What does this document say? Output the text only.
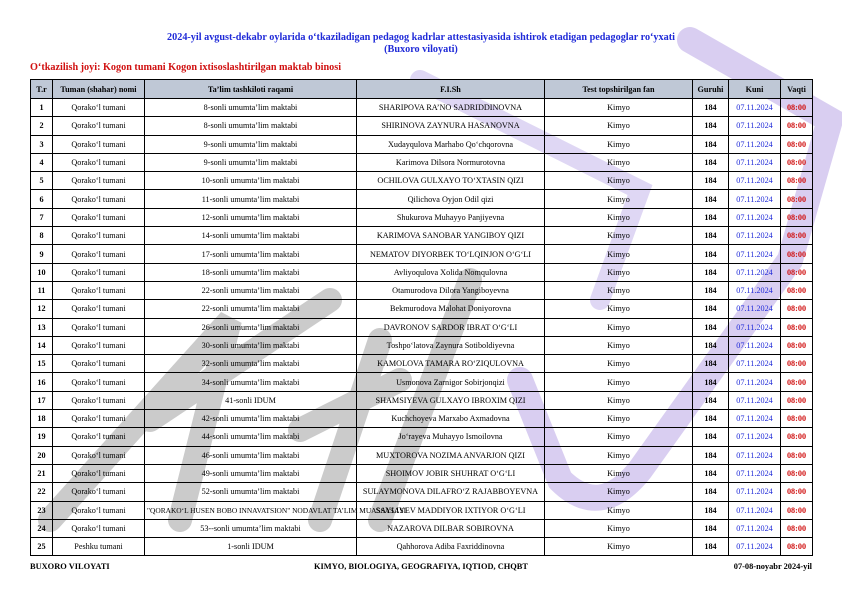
2024-yil avgust-dekabr oylarida o‘tkaziladigan pedagog kadrlar attestasiyasida ishtirok etadigan pedagoglar ro‘yxati
(Buxoro viloyati)
O‘tkazilish joyi: Kogon tumani Kogon ixtisoslashtirilgan maktab binosi
T.r	Tuman (shahar) nomi	Ta’lim tashkiloti raqami	F.I.Sh	Test topshirilgan fan	Guruhi	Kuni	Vaqti
1	Qorako‘l tumani	8-sonli umumta’lim maktabi	SHARIPOVA RA’NO SADRIDDINOVNA	Kimyo	184	07.11.2024	08:00
2	Qorako‘l tumani	8-sonli umumta’lim maktabi	SHIRINOVA ZAYNURA HASANOVNA	Kimyo	184	07.11.2024	08:00
3	Qorako‘l tumani	9-sonli umumta’lim maktabi	Xudayqulova Marhabo Qo‘chqorovna	Kimyo	184	07.11.2024	08:00
4	Qorako‘l tumani	9-sonli umumta’lim maktabi	Karimova Dilsora Normurotovna	Kimyo	184	07.11.2024	08:00
5	Qorako‘l tumani	10-sonli umumta’lim maktabi	OCHILOVA GULXAYO TO‘XTASIN QIZI	Kimyo	184	07.11.2024	08:00
6	Qorako‘l tumani	11-sonli umumta’lim maktabi	Qilichova Oyjon Odil qizi	Kimyo	184	07.11.2024	08:00
7	Qorako‘l tumani	12-sonli umumta’lim maktabi	Shukurova Muhayyo Panjiyevna	Kimyo	184	07.11.2024	08:00
8	Qorako‘l tumani	14-sonli umumta’lim maktabi	KARIMOVA SANOBAR YANGIBOY QIZI	Kimyo	184	07.11.2024	08:00
9	Qorako‘l tumani	17-sonli umumta’lim maktabi	NEMATOV DIYORBEK TO‘LQINJON O‘G‘LI	Kimyo	184	07.11.2024	08:00
10	Qorako‘l tumani	18-sonli umumta’lim maktabi	Avliyoqulova Xolida Nomqulovna	Kimyo	184	07.11.2024	08:00
11	Qorako‘l tumani	22-sonli umumta’lim maktabi	Otamurodova Dilora Yangiboyevna	Kimyo	184	07.11.2024	08:00
12	Qorako‘l tumani	22-sonli umumta’lim maktabi	Bekmurodova Malohat Doniyorovna	Kimyo	184	07.11.2024	08:00
13	Qorako‘l tumani	26-sonli umumta’lim maktabi	DAVRONOV SARDOR IBRAT O‘G‘LI	Kimyo	184	07.11.2024	08:00
14	Qorako‘l tumani	30-sonli umumta’lim maktabi	Toshpo‘latova Zaynura Sotiboldiyevna	Kimyo	184	07.11.2024	08:00
15	Qorako‘l tumani	32-sonli umumta’lim maktabi	KAMOLOVA TAMARA RO‘ZIQULOVNA	Kimyo	184	07.11.2024	08:00
16	Qorako‘l tumani	34-sonli umumta’lim maktabi	Usmonova Zarnigor Sobirjonqizi	Kimyo	184	07.11.2024	08:00
17	Qorako‘l tumani	41-sonli IDUM	SHAMSIYEVA GULXAYO IBROXIM QIZI	Kimyo	184	07.11.2024	08:00
18	Qorako‘l tumani	42-sonli umumta’lim maktabi	Kuchchoyeva Marxabo Axmadovna	Kimyo	184	07.11.2024	08:00
19	Qorako‘l tumani	44-sonli umumta’lim maktabi	Jo‘rayeva Muhayyo Ismoilovna	Kimyo	184	07.11.2024	08:00
20	Qorako‘l tumani	46-sonli umumta’lim maktabi	MUXTOROVA NOZIMA ANVARJON QIZI	Kimyo	184	07.11.2024	08:00
21	Qorako‘l tumani	49-sonli umumta’lim maktabi	SHOIMOV JOBIR SHUHRAT O‘G‘LI	Kimyo	184	07.11.2024	08:00
22	Qorako‘l tumani	52-sonli umumta’lim maktabi	SULAYMONOVA DILAFRO‘Z RAJABBOYEVNA	Kimyo	184	07.11.2024	08:00
23	Qorako‘l tumani	"QORAKO‘L HUSEN BOBO INNAVATSION" NODAVLAT TA’LIM MUASSASASI	SAYLIYEV MADDIYOR IXTIYOR O‘G‘LI	Kimyo	184	07.11.2024	08:00
24	Qorako‘l tumani	53--sonli umumta’lim maktabi	NAZAROVA DILBAR SOBIROVNA	Kimyo	184	07.11.2024	08:00
25	Peshku tumani	1-sonli IDUM	Qahhorova Adiba Faxriddinovna	Kimyo	184	07.11.2024	08:00
BUXORO VILOYATI	KIMYO, BIOLOGIYA, GEOGRAFIYA, IQTIOD, CHQBT	07-08-noyabr 2024-yil
